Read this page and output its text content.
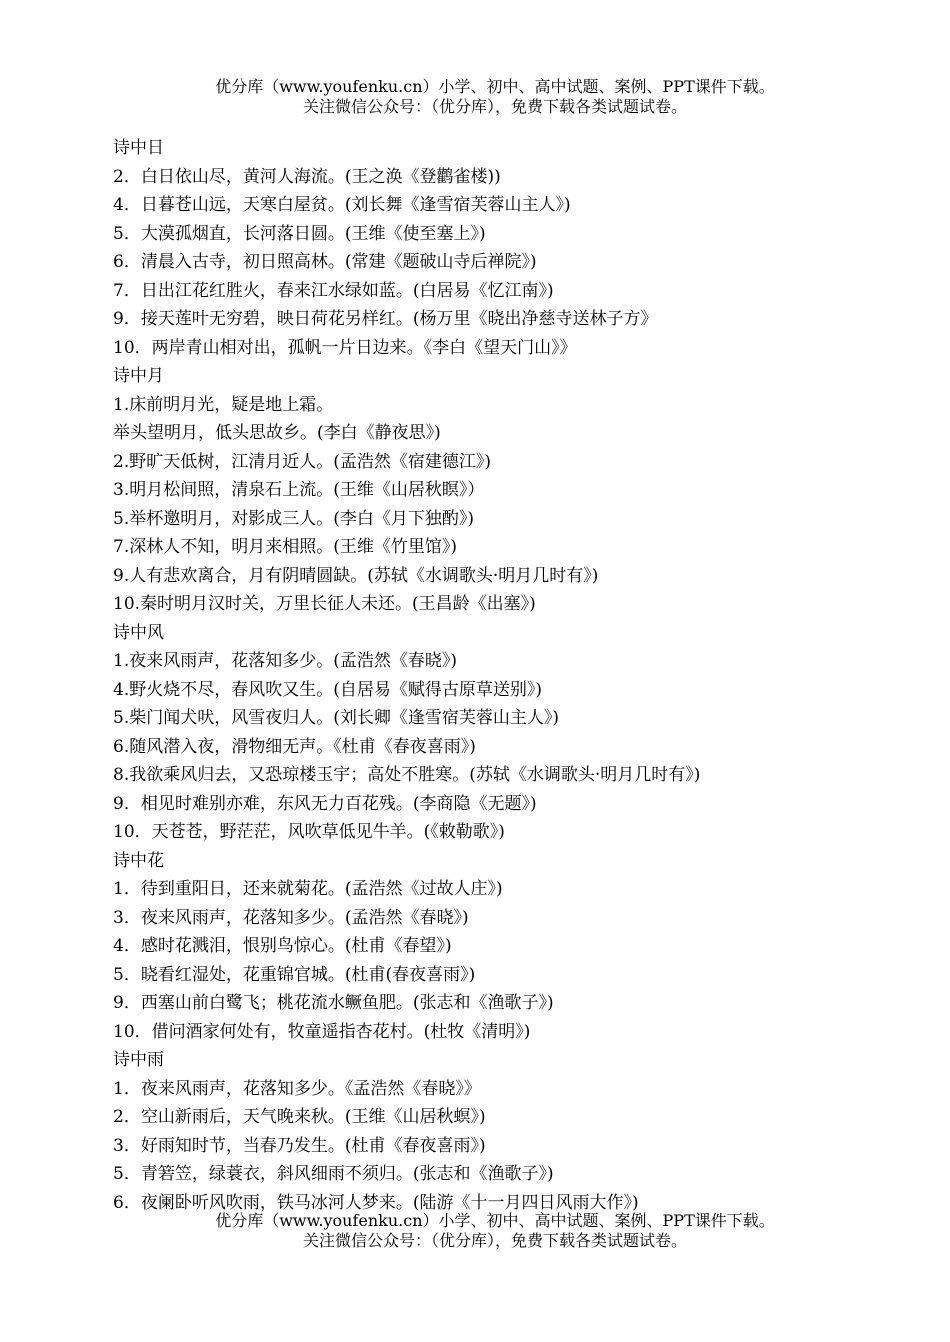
优分库（www.youfenku.cn）小学、初中、高中试题、案例、PPT课件下载。
关注微信公众号：（优分库），免费下载各类试题试卷。
诗中日
2．白日依山尽，黄河人海流。(王之涣《登鹳雀楼))
4．日暮苍山远，天寒白屋贫。(刘长舞《逢雪宿芙蓉山主人》)
5．大漠孤烟直，长河落日圆。(王维《使至塞上》)
6．清晨入古寺，初日照高林。(常建《题破山寺后禅院》)
7．日出江花红胜火，春来江水绿如蓝。(白居易《忆江南》)
9．接天莲叶无穷碧，映日荷花另样红。(杨万里《晓出净慈寺送林子方》
10．两岸青山相对出，孤帆一片日边来。《李白《望天门山》》
诗中月
1.床前明月光，疑是地上霜。
举头望明月，低头思故乡。(李白《静夜思》)
2.野旷天低树，江清月近人。(孟浩然《宿建德江》)
3.明月松间照，清泉石上流。(王维《山居秋瞑》）
5.举杯邀明月，对影成三人。(李白《月下独酌》)
7.深林人不知，明月来相照。(王维《竹里馆》)
9.人有悲欢离合，月有阴晴圆缺。(苏轼《水调歌头·明月几时有》)
10.秦时明月汉时关，万里长征人未还。(王昌龄《出塞》)
诗中风
1.夜来风雨声，花落知多少。(孟浩然《春晓》)
4.野火烧不尽，春风吹又生。(自居易《赋得古原草送别》)
5.柴门闻犬吠，风雪夜归人。(刘长卿《逢雪宿芙蓉山主人》)
6.随风潜入夜，滑物细无声。《杜甫《春夜喜雨》)
8.我欲乘风归去，又恐琼楼玉宇；高处不胜寒。(苏轼《水调歌头·明月几时有》)
9．相见时难别亦难，东风无力百花残。(李商隐《无题》)
10．天苍苍，野茫茫，风吹草低见牛羊。(《敕勒歌》)
诗中花
1．待到重阳日，还来就菊花。(孟浩然《过故人庄》)
3．夜来风雨声，花落知多少。(孟浩然《春晓》)
4．感时花溅泪，恨别鸟惊心。(杜甫《春望》)
5．晓看红湿处，花重锦官城。(杜甫(春夜喜雨》)
9．西塞山前白鹭飞；桃花流水鳜鱼肥。(张志和《渔歌子》)
10．借问酒家何处有，牧童遥指杏花村。(杜牧《清明》)
诗中雨
1．夜来风雨声，花落知多少。《孟浩然《春晓》》
2．空山新雨后，天气晚来秋。(王维《山居秋螟》)
3．好雨知时节，当春乃发生。(杜甫《春夜喜雨》)
5．青箬笠，绿蓑衣，斜风细雨不须归。(张志和《渔歌子》)
6．夜阑卧听风吹雨，铁马冰河人梦来。(陆游《十一月四日风雨大作》)
优分库（www.youfenku.cn）小学、初中、高中试题、案例、PPT课件下载。
关注微信公众号：（优分库），免费下载各类试题试卷。
